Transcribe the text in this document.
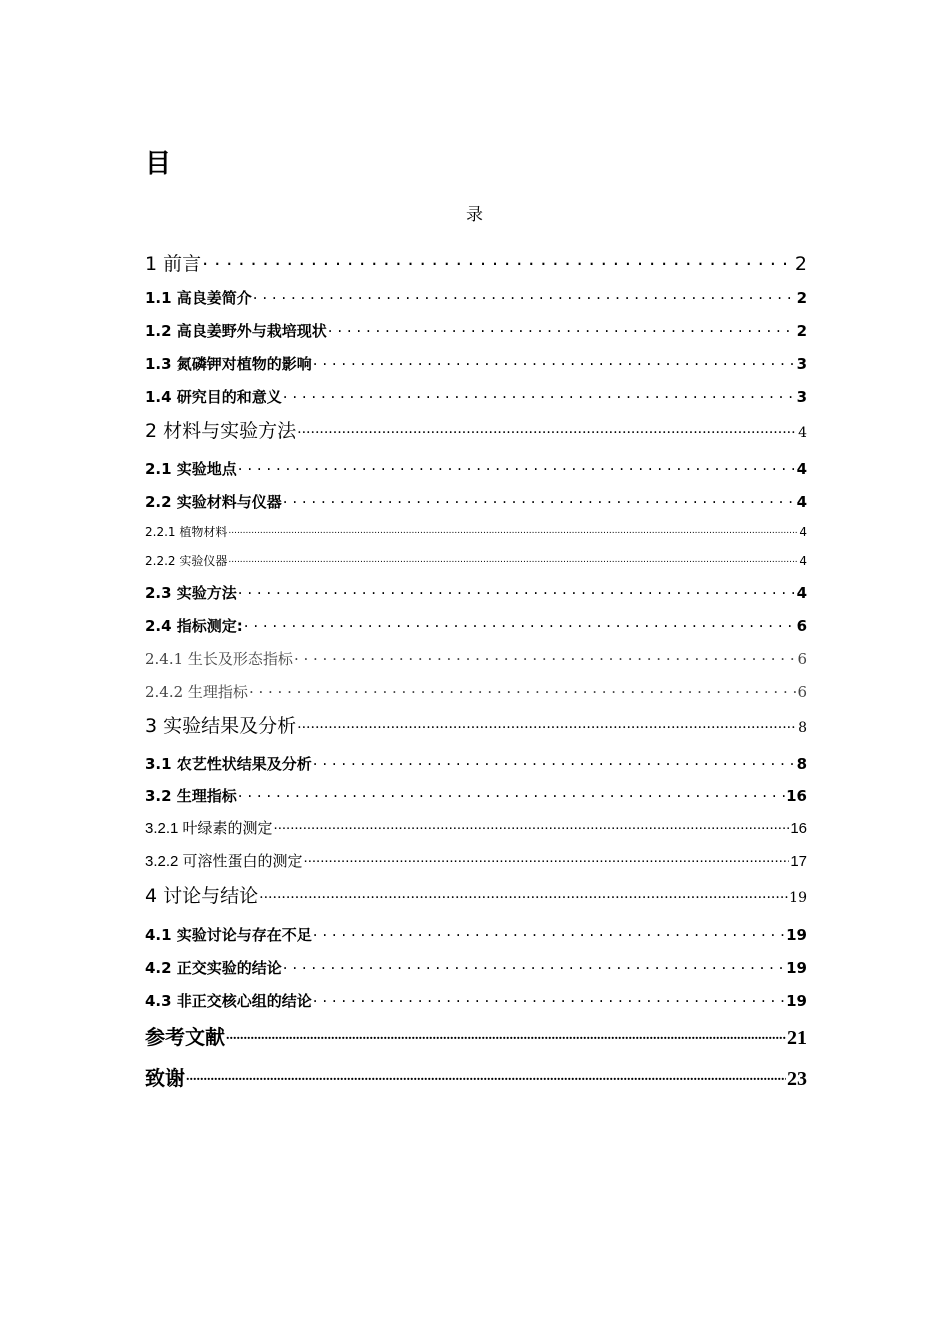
目
录
1 前言 . . .	2
1.1 高良姜简介 . . .	2
1.2 高良姜野外与栽培现状 . . .	2
1.3 氮磷钾对植物的影响 . . .	3
1.4 研究目的和意义 . . .	3
2 材料与实验方法 .....	4
2.1 实验地点 . . .	4
2.2 实验材料与仪器 . . .	4
2.2.1 植物材料 .....	4
2.2.2 实验仪器 .....	4
2.3 实验方法 . . .	4
2.4 指标测定: . . .	6
2.4.1 生长及形态指标 . . .	6
2.4.2 生理指标 . . .	6
3 实验结果及分析 .....	8
3.1 农艺性状结果及分析 . . .	8
3.2 生理指标 . . .	16
3.2.1 叶绿素的测定 .....	16
3.2.2 可溶性蛋白的测定 .....	17
4 讨论与结论 .....	19
4.1 实验讨论与存在不足 . . .	19
4.2 正交实验的结论 . . .	19
4.3 非正交核心组的结论 . . .	19
参考文献 .....	21
致谢 .....	23
